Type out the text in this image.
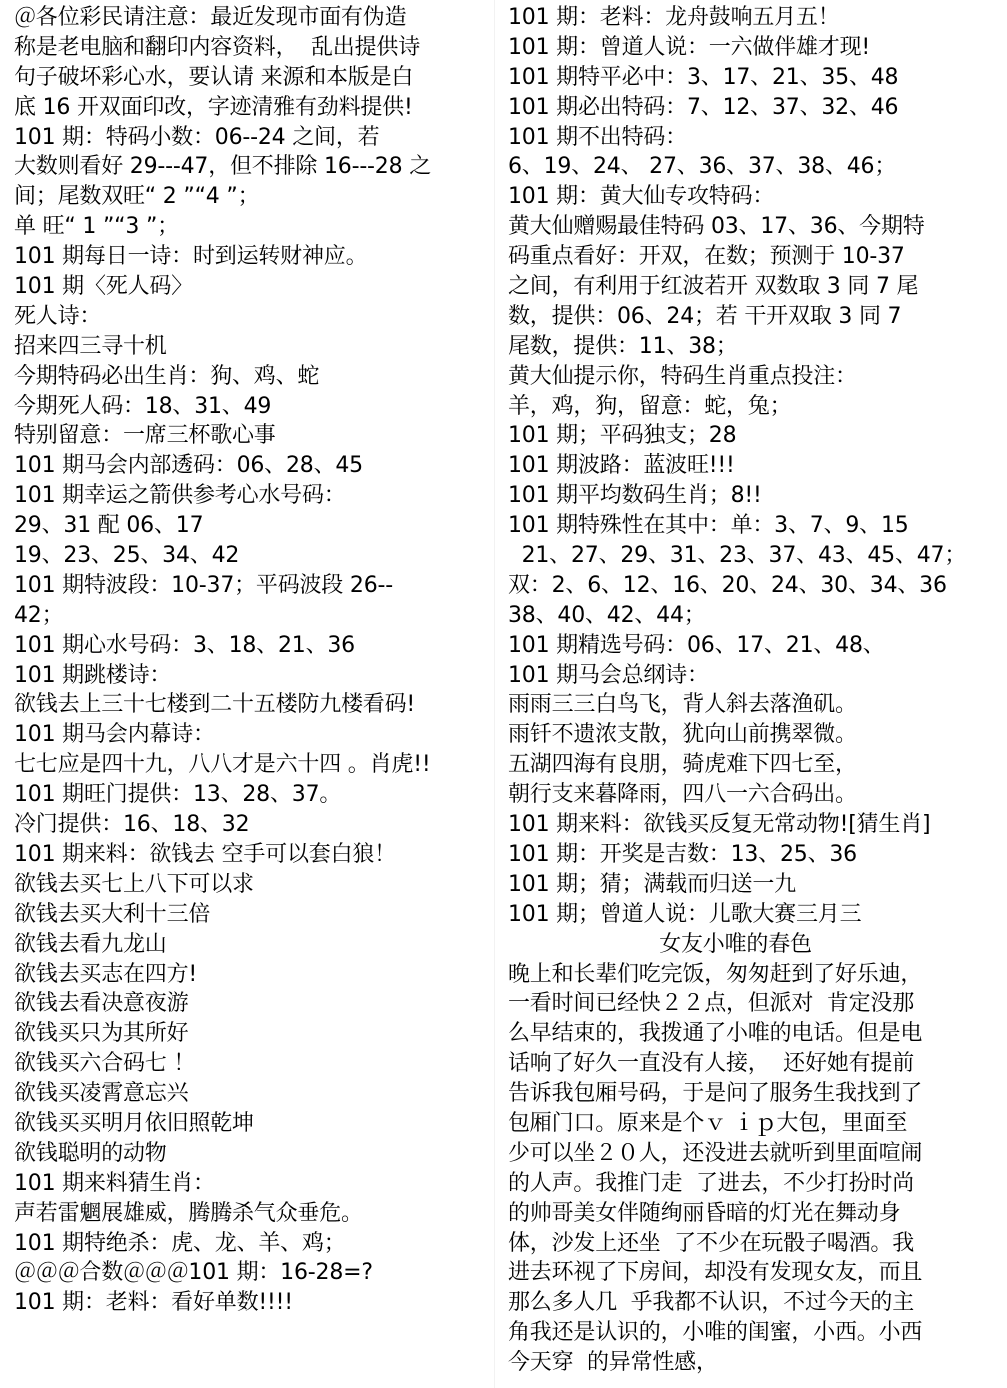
＠各位彩民请注意：最近发现市面有伪造
称是老电脑和翻印内容资料，  乱出提供诗
句子破坏彩心水，要认请 来源和本版是白
底 16 开双面印改，字迹清雅有劲料提供!
101 期：特码小数：06--24 之间，若
大数则看好 29---47，但不排除 16---28 之
间；尾数双旺“ 2 ”“4 ”；
单 旺“ 1 ”“3 ”；
101 期每日一诗：时到运转财神应。
101 期〈死人码〉
死人诗：
招来四三寻十机
今期特码必出生肖：狗、鸡、蛇
今期死人码：18、31、49
特别留意：一席三杯歌心事
101 期马会内部透码：06、28、45
101 期幸运之箭供参考心水号码：
29、31 配 06、17
19、23、25、34、42
101 期特波段：10-37；平码波段 26--
42；
101 期心水号码：3、18、21、36
101 期跳楼诗：
欲钱去上三十七楼到二十五楼防九楼看码!
101 期马会内幕诗：
七七应是四十九，八八才是六十四 。肖虎!!
101 期旺门提供：13、28、37。
冷门提供：16、18、32
101 期来料：欲钱去 空手可以套白狼！
欲钱去买七上八下可以求
欲钱去买大利十三倍
欲钱去看九龙山
欲钱去买志在四方!
欲钱去看决意夜游
欲钱买只为其所好
欲钱买六合码七 ！
欲钱买凌霄意忘兴
欲钱买买明月依旧照乾坤
欲钱聪明的动物
101 期来料猜生肖：
声若雷魍展雄威，腾腾杀气众垂危。
101 期特绝杀：虎、龙、羊、鸡；
＠＠＠合数＠＠＠101 期：16-28=?
101 期：老料：看好单数!!!!
101 期：老料：龙舟鼓响五月五！
101 期：曾道人说：一六做伴雄才现!
101 期特平必中：3、17、21、35、48
101 期必出特码：7、12、37、32、46
101 期不出特码：
6、19、24、 27、36、37、38、46；
101 期：黄大仙专攻特码：
黄大仙赠赐最佳特码 03、17、36、今期特
码重点看好：开双，在数；预测于 10-37
之间，有利用于红波若开 双数取 3 同 7 尾
数，提供：06、24；若 干开双取 3 同 7
尾数，提供：11、38；
黄大仙提示你，特码生肖重点投注：
羊，鸡，狗，留意：蛇，兔；
101 期；平码独支；28
101 期波路：蓝波旺!!!
101 期平均数码生肖；8!!
101 期特殊性在其中：单：3、7、9、15
21、27、29、31、23、37、43、45、47；
双：2、6、12、16、20、24、30、34、36
38、40、42、44；
101 期精选号码：06、17、21、48、
101 期马会总纲诗：
雨雨三三白鸟飞，背人斜去落渔矶。
雨钎不遗浓支散，犹向山前携翠微。
五湖四海有良朋，骑虎难下四七至，
朝行支来暮降雨，四八一六合码出。
101 期来料：欲钱买反复无常动物![猜生肖]
101 期：开奖是吉数：13、25、36
101 期；猜；满载而归送一九
101 期；曾道人说：儿歌大赛三月三
女友小唯的春色
晚上和长辈们吃完饭，匆匆赶到了好乐迪，
一看时间已经快２２点，但派对  肯定没那
么早结束的，我拨通了小唯的电话。但是电
话响了好久一直没有人接，  还好她有提前
告诉我包厢号码，于是问了服务生我找到了
包厢门口。原来是个ｖ ｉｐ大包，里面至
少可以坐２０人，还没进去就听到里面喧闹
的人声。我推门走  了进去，不少打扮时尚
的帅哥美女伴随绚丽昏暗的灯光在舞动身
体，沙发上还坐  了不少在玩骰子喝酒。我
进去环视了下房间，却没有发现女友，而且
那么多人几  乎我都不认识，不过今天的主
角我还是认识的，小唯的闺蜜，小西。小西
今天穿  的异常性感，
